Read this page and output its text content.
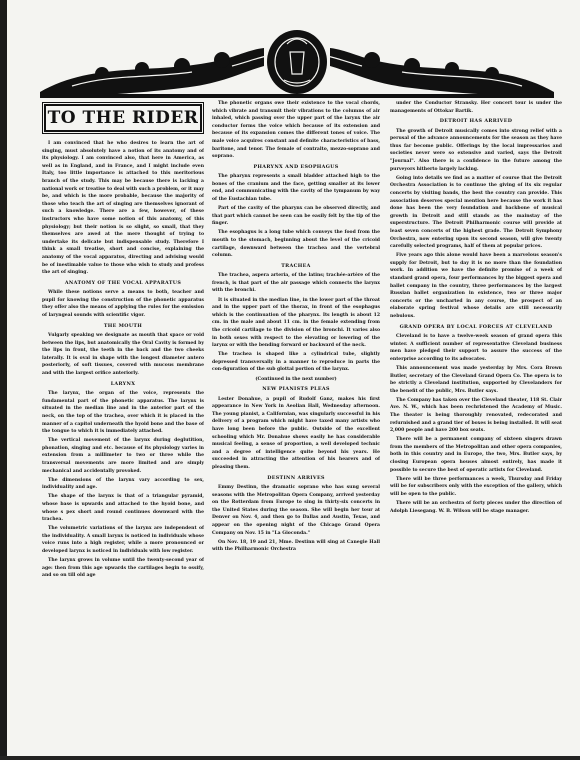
TO THE RIDER

I am convinced that he who desires to learn the art of singing, must absolutely have a notion of its anatomy and of its physiology. I am convinced also, that here in America, as well as in England, and in France, and I might include even Italy, too little importance is attached to this meritorious branch of the study. This may be because there is lacking a national work or treatise to deal with such a problem, or it may be, and which is the more probable, because the majority of those who teach the art of singing are themselves ignorant of such a knowledge. There are a few, however, of these instructors who have some notion of this anatomy, of this physiology; but their notion is so slight, so small, that they themselves are awed at the mere thought of trying to undertake its delicate but indispensable study. Therefore I think a small treatise, short and concise, explaining the anatomy of the vocal apparatus, directing and advising would be of inestimable value to those who wish to study and profess the art of singing.

ANATOMY OF THE VOCAL APPARATUS

While these notions serve a means to both, teacher and pupil for knowing the construction of the phonetic apparatus they offer also the means of applying the rules for the emission of laryngeal sounds with scientific vigor.

THE MOUTH

Vulgarly speaking we designate as mouth that space or void between the lips, but anatomically the Oral Cavity is formed by the lips in front, the teeth in the back and the two cheeks laterally. It is oval in shape with the longest diameter antero posteriorly, of soft tissues, covered with mucous membrane and with the largest orifice anteriorly.

LARYNX

The larynx, the organ of the voice, represents the fundamental part of the phonetic apparatus. The larynx is situated in the median line and in the anterior part of the neck, on the top of the trachea, over which it is placed in the manner of a capitol underneath the hyoid bone and the base of the tongue to which it is immediately attached.

The vertical movement of the larynx during deglutition, phonation, singing and etc. because of its physiology varies in extension from a millimeter to two or three while the transversal movements are more limited and are simply mechanical and accidentally provoked.

The dimensions of the larynx vary according to sex, individuality and age.

The shape of the larynx is that of a triangular pyramid, whose base is upwards and attached to the hyoid bone, and whose s pex short and round continues downward with the trachea.

The volumetric variations of the larynx are independent of the individuality. A small larynx is noticed in individuals whose voice runs into a high register, while a more pronounced or developed larynx is noticed in individuals with low register.

The larynx grows in volume until the twenty-second year of age: then from this age upwards the cartilages begin to ossify, and so on till old age

The phonetic organs owe their existence to the vocal chords, which vibrate and transmit their vibrations to the columns of air inhaled, which passing over the upper part of the larynx the air conductor forms the voice which because of its extension and because of its expansion comes the different tones of voice. The male voice acquires constant and definite characteristics of bass, baritone, and tenor. The female of contralto, mezzo-soprano and soprano.

PHARYNX AND ESOPHAGUS

The pharynx represents a small bladder attached high to the bones of the cranium and the face, getting smaller at its lower end, and communicating with the cavity of the tympanum by way of the Eustachian tube.

Part of the cavity of the pharynx can be observed directly, and that part which cannot be seen can be easily felt by the tip of the finger.

The esophagus is a long tube which conveys the food from the mouth to the stomach, beginning about the level of the cricoid cartilage, downward between the trachea and the vertebral column.

TRACHEA

The trachea, aspera arteria, of the latins; trachée-artère of the french, is that part of the air passage which connects the larynx with the bronchi.

It is situated in the median line, in the lower part of the throat and in the upper part of the thorax, in front of the esophagus which is the continuation of the pharynx. Its length is about 12 cm. in the male and about 11 cm. in the female extending from the cricoid cartilage to the division of the bronchi. It varies also in both sexes with respect to the elevating or lowering of the larynx or with the bending forward or backward of the neck.

The trachea is shaped like a cylindrical tube, slightly depressed transversally in a manner to reproduce in parts the con-figuration of the sub glottal portion of the larynx.

(Continued in the next number)
NEW PIANISTS PLEAS

Lester Donahue, a pupil of Rudolf Ganz, makes his first appearance in New York in Aeolian Hall, Wednesday afternoon. The young pianist, a Californian, was singularly successful in his delivery of a program which might have taxed many artists who have long been before the public. Outside of the excellent schooling which Mr. Donahue shows easily he has considerable musical feeling, a sense of proportion, a well developed technic and a degree of intelligence quite beyond his years. He succeeded in attracting the attention of his hearers and of pleasing them.

DESTINN ARRIVES

Emmy Destinn, the dramatic soprano who has sung several seasons with the Metropolitan Opera Company, arrived yesterday on the Rotterdam from Europe to sing in thirty-six concerts in the United States during the season. She will begin her tour at Denver on Nov. 4, and then go to Dallas and Austin, Texas, and appear on the opening night of the Chicago Grand Opera Company on Nov. 15 in "La Gioconda."

On Nov. 18, 19 and 21, Mme. Destinn will sing at Canegie Hall with the Philharmonic Orchestra

under the Conductor Stransky. Her concert tour is under the managements of Ottokar Bartik.

DETROIT HAS ARRIVED

The growth of Detroit musically comes into strong relief with a perusal of the advance announcements for the season as they have thus far become public. Offerings by the local impressarios and societies never were so extensive and varied, says the Detroit "Journal". Also there is a confidence in the future among the purveyors hitherto largely lacking.

Going into details we find as a matter of course that the Detroit Orchestra Association is to continue the giving of its six regular concerts by visiting bands, the best the country can provide. This association deserves special mention here because the work it has done has been the very foundation and backbone of musical growth in Detroit and still stands as the mainstay of the superstructure. The Detroit Philharmonic course will provide at least seven concerts of the highest grade. The Detroit Symphony Orchestra, now entering upon its second season, will give twenty carefully selected programs, half of them at popular prices.

Five years ago this alone would have been a marvelous season's supply for Detroit, but to day it is no more than the foundation work. In addition we have the definite promise of a week of standard grand opera, four performances by the biggest opera and ballet company in the country, three performances by the largest Russian ballet organization in existence, two or three major concerts or the uncharted in any course, the prospect of an elaborate spring festival whose details are still necessarily nebulous.

GRAND OPERA BY LOCAL FORCES AT CLEVELAND

Cleveland is to have a twelve-week season of grand opera this winter. A sufficient number of representative Cleveland business men have pledged their support to assure the success of the enterprise according to its advocates.

This announcement was made yesterday by Mrs. Cora Brown Butler, secretary of the Cleveland Grand Opera Co. The opera is to be strictly a Cleveland institution, supported by Clevelanders for the benefit of the public, Mrs. Butler says.

The Company has taken over the Cleveland theater, 118 St. Clair Ave. N. W., which has been rechristened the Academy of Music. The theater is being thoroughly renovated, redecorated and refurnished and a grand tier of boxes is being installed. It will seat 2,000 people and have 200 box seats.

There will be a permanent company of sixteen singers drawn from the members of the Metropolitan and other opera companies, both in this country and in Europe, the two, Mrs. Butler says, by closing European opera houses almost entirely, has made it possible to secure the best of operatic artists for Cleveland.

There will be three performances a week, Thursday and Friday will be for subscribers only with the exception of the gallery, which will be open to the public.

There will be an orchestra of forty pieces under the direction of Adolph Liesegang. W. B. Wilson will be stage manager.
